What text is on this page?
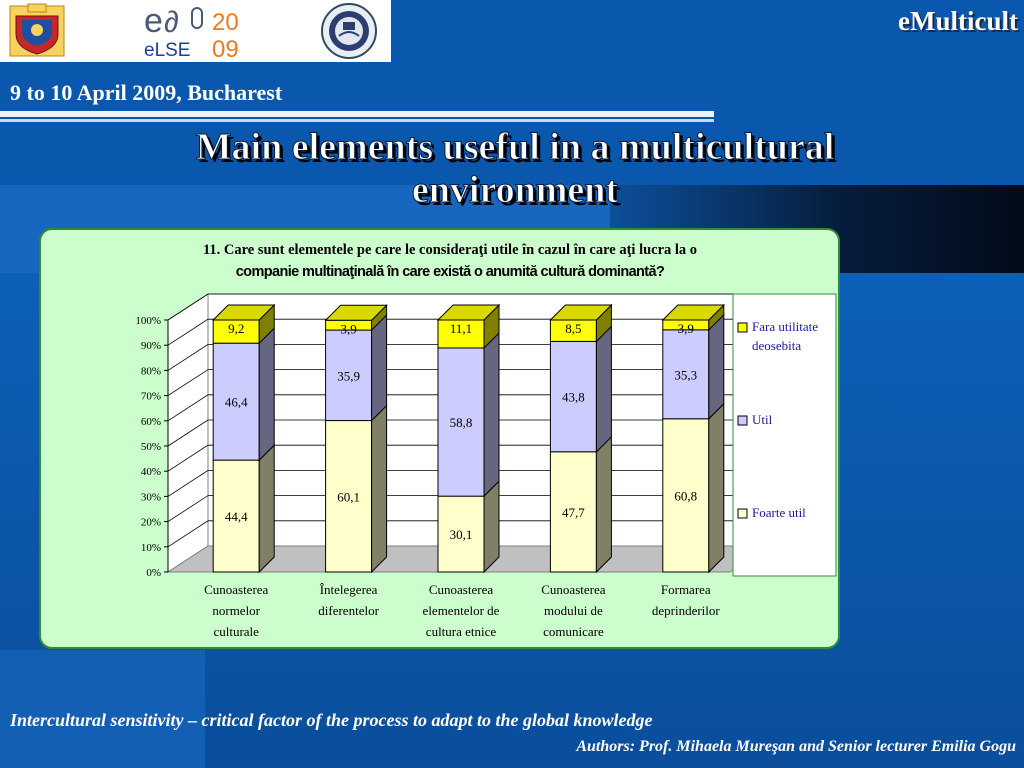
e ∂
eLSE
20
09
eMulticult
9 to 10 April 2009, Bucharest
Main elements useful in a multicultural
environment
11. Care sunt elementele pe care le consideraţi utile în cazul în care aţi lucra la o
companie multinaţinală în care există o anumită cultură dominantă?
0%
10%
20%
30%
40%
50%
60%
70%
80%
90%
100%
44,4
46,4
9,2
Cunoasterea
normelor
culturale
60,1
35,9
3,9
Întelegerea
diferentelor
30,1
58,8
11,1
Cunoasterea
elementelor de
cultura etnice
47,7
43,8
8,5
Cunoasterea
modului de
comunicare
60,8
35,3
3,9
Formarea
deprinderilor
Fara utilitate
deosebita
Util
Foarte util
Intercultural sensitivity – critical factor of the process to adapt to the global knowledge
Authors: Prof. Mihaela Mureşan and Senior lecturer Emilia Gogu
